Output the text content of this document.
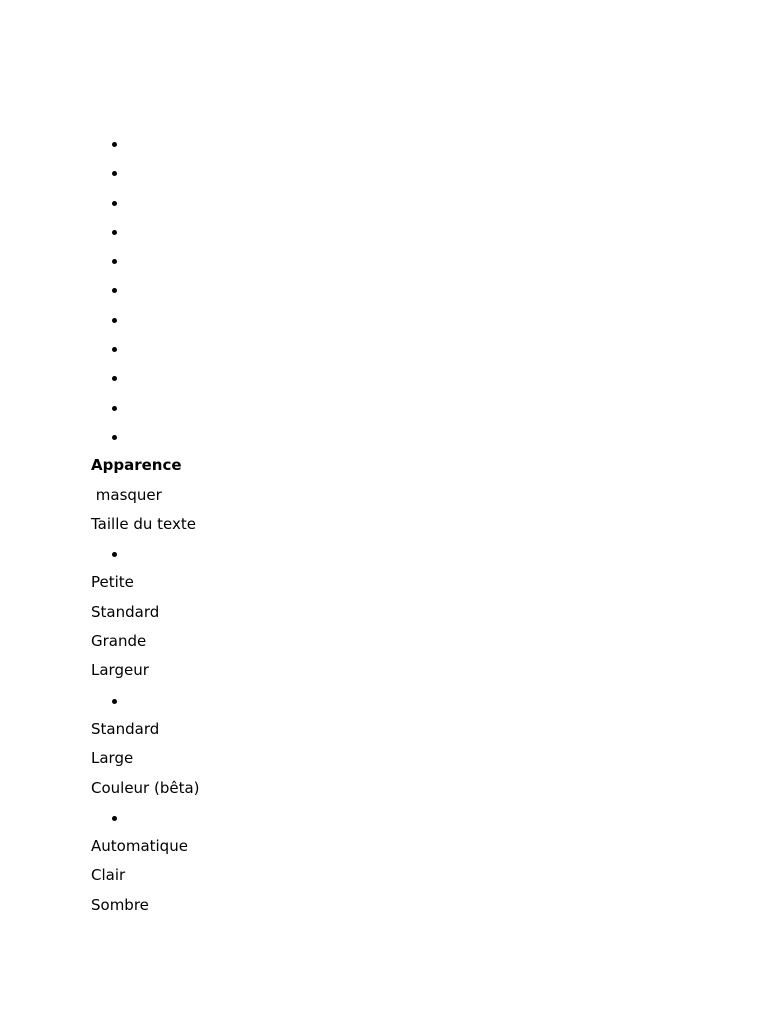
Apparence
masquer
Taille du texte
Petite
Standard
Grande
Largeur
Standard
Large
Couleur (bêta)
Automatique
Clair
Sombre
